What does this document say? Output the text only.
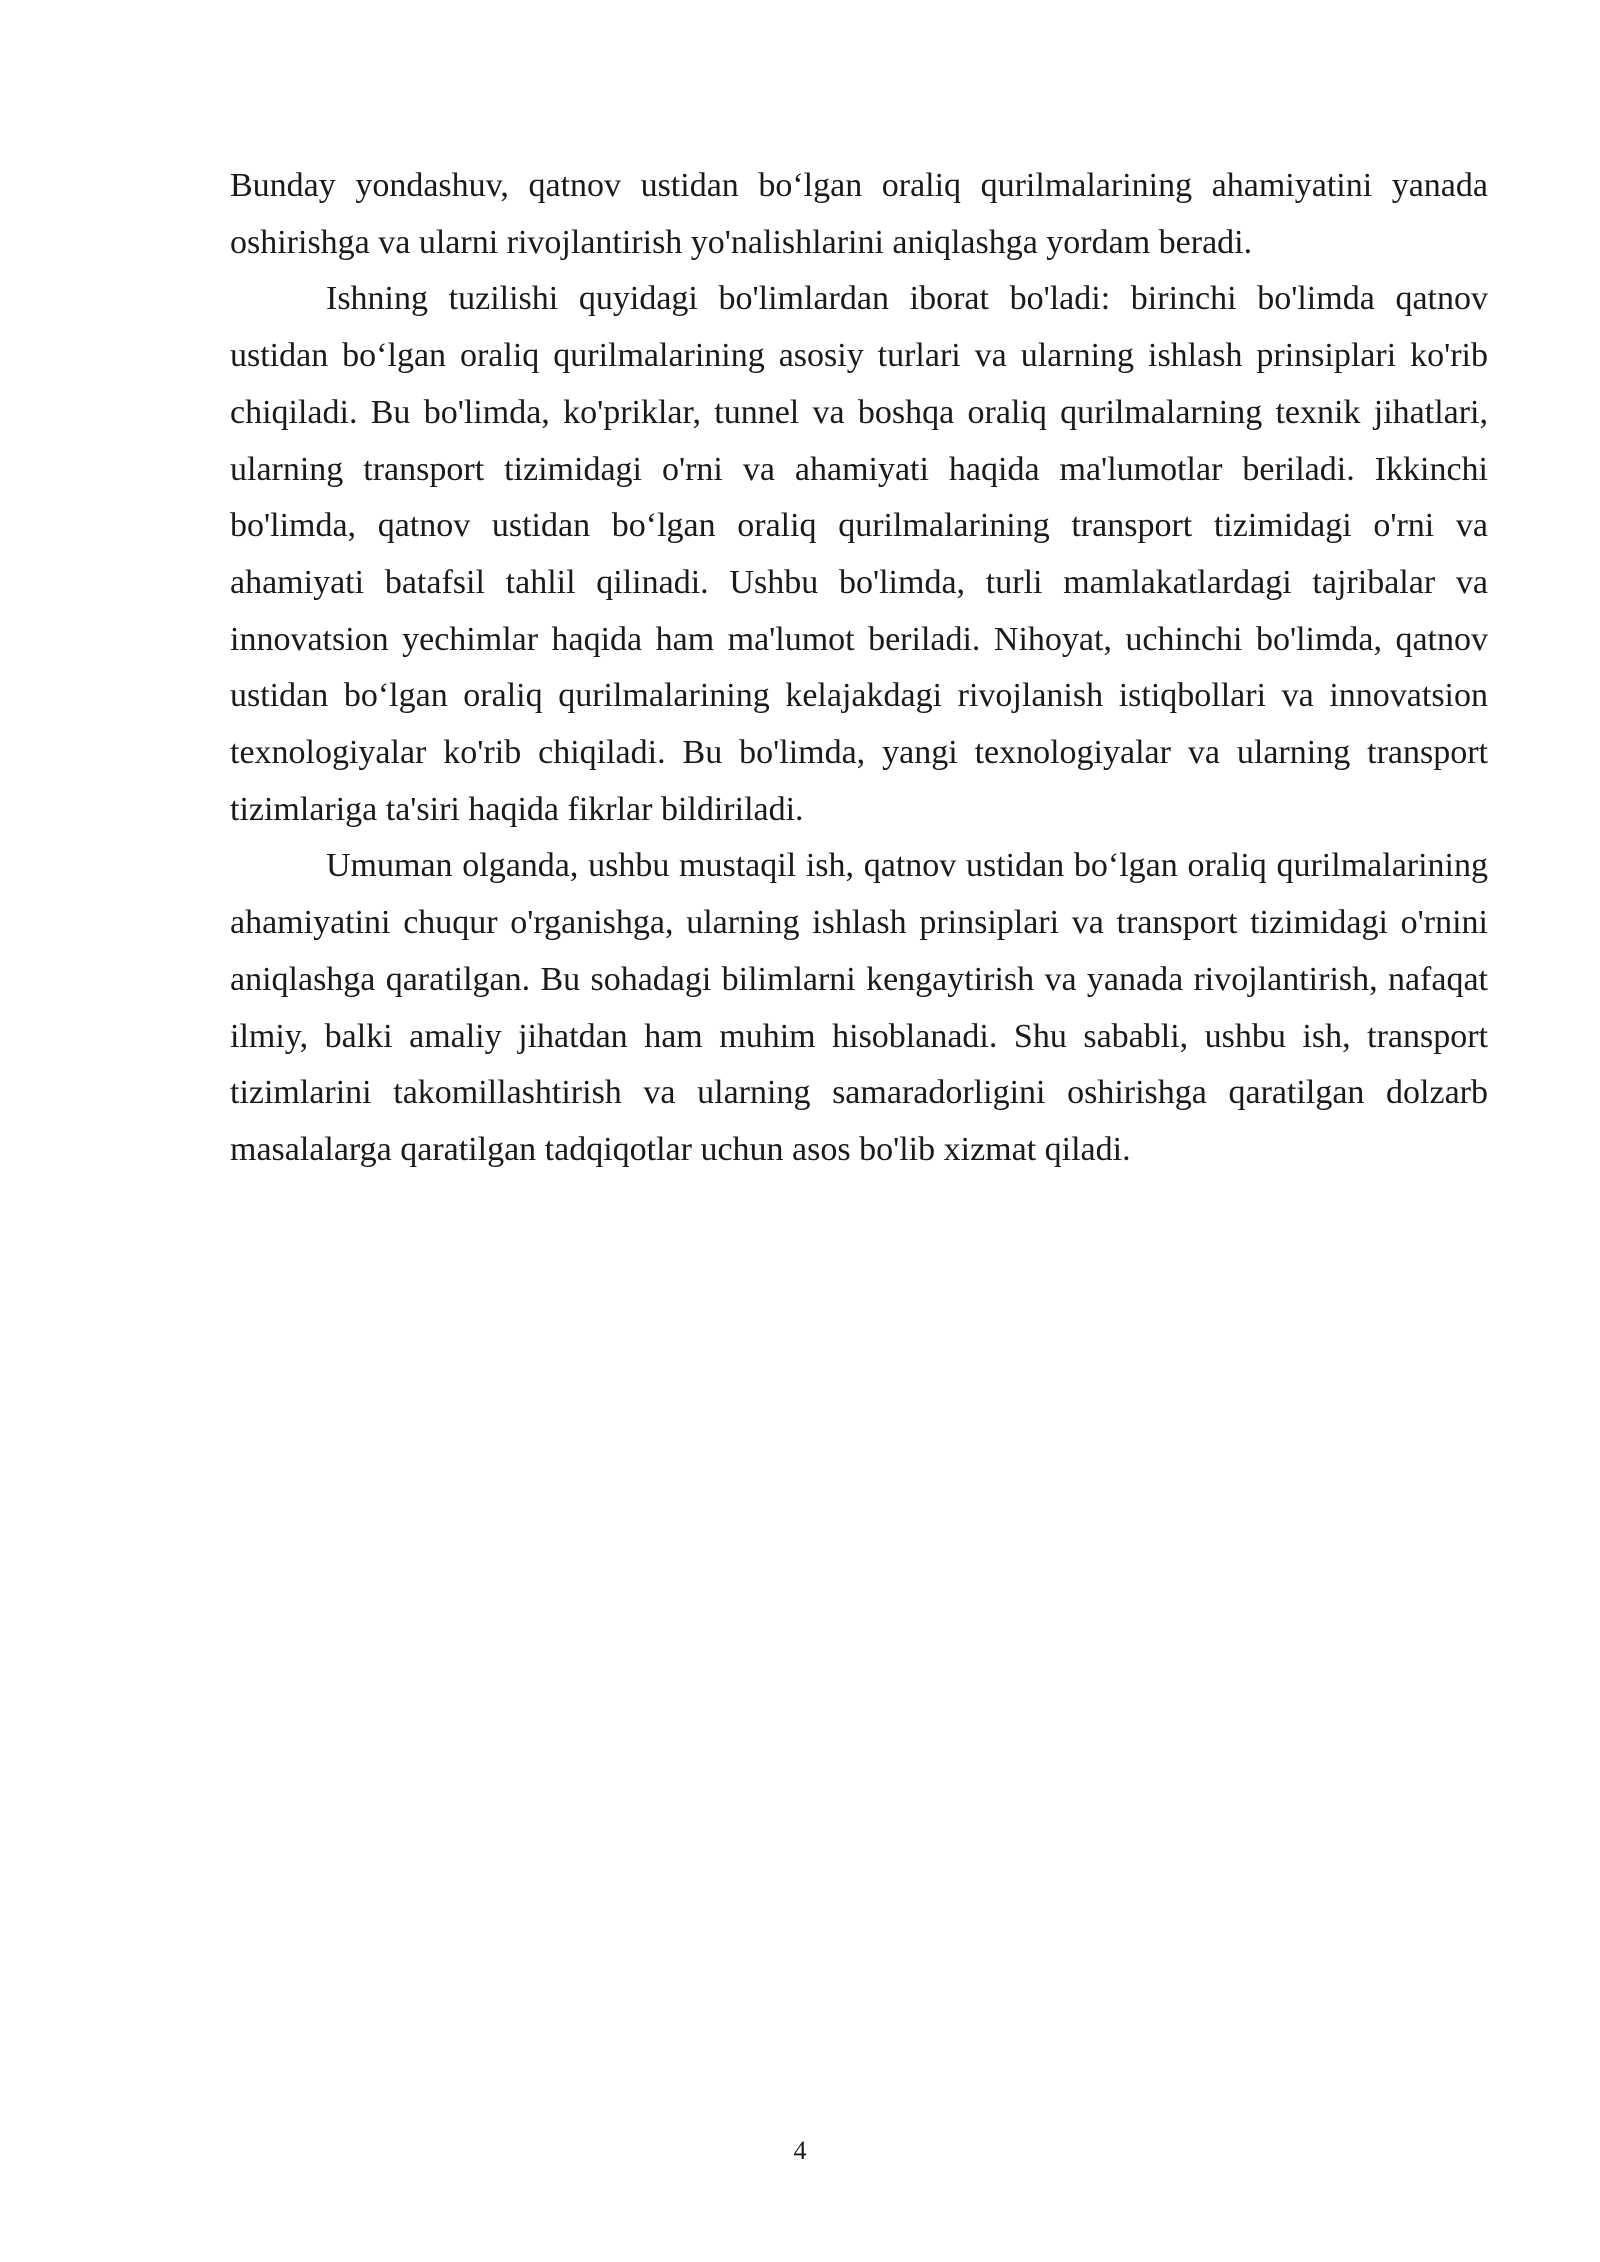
Bunday yondashuv, qatnov ustidan bo‘lgan oraliq qurilmalarining ahamiyatini yanada oshirishga va ularni rivojlantirish yo'nalishlarini aniqlashga yordam beradi.

Ishning tuzilishi quyidagi bo'limlardan iborat bo'ladi: birinchi bo'limda qatnov ustidan bo‘lgan oraliq qurilmalarining asosiy turlari va ularning ishlash prinsiplari ko'rib chiqiladi. Bu bo'limda, ko'priklar, tunnel va boshqa oraliq qurilmalarning texnik jihatlari, ularning transport tizimidagi o'rni va ahamiyati haqida ma'lumotlar beriladi. Ikkinchi bo'limda, qatnov ustidan bo‘lgan oraliq qurilmalarining transport tizimidagi o'rni va ahamiyati batafsil tahlil qilinadi. Ushbu bo'limda, turli mamlakatlardagi tajribalar va innovatsion yechimlar haqida ham ma'lumot beriladi. Nihoyat, uchinchi bo'limda, qatnov ustidan bo‘lgan oraliq qurilmalarining kelajakdagi rivojlanish istiqbollari va innovatsion texnologiyalar ko'rib chiqiladi. Bu bo'limda, yangi texnologiyalar va ularning transport tizimlariga ta'siri haqida fikrlar bildiriladi.

Umuman olganda, ushbu mustaqil ish, qatnov ustidan bo‘lgan oraliq qurilmalarining ahamiyatini chuqur o'rganishga, ularning ishlash prinsiplari va transport tizimidagi o'rnini aniqlashga qaratilgan. Bu sohadagi bilimlarni kengaytirish va yanada rivojlantirish, nafaqat ilmiy, balki amaliy jihatdan ham muhim hisoblanadi. Shu sababli, ushbu ish, transport tizimlarini takomillashtirish va ularning samaradorligini oshirishga qaratilgan dolzarb masalalarga qaratilgan tadqiqotlar uchun asos bo'lib xizmat qiladi.

4
